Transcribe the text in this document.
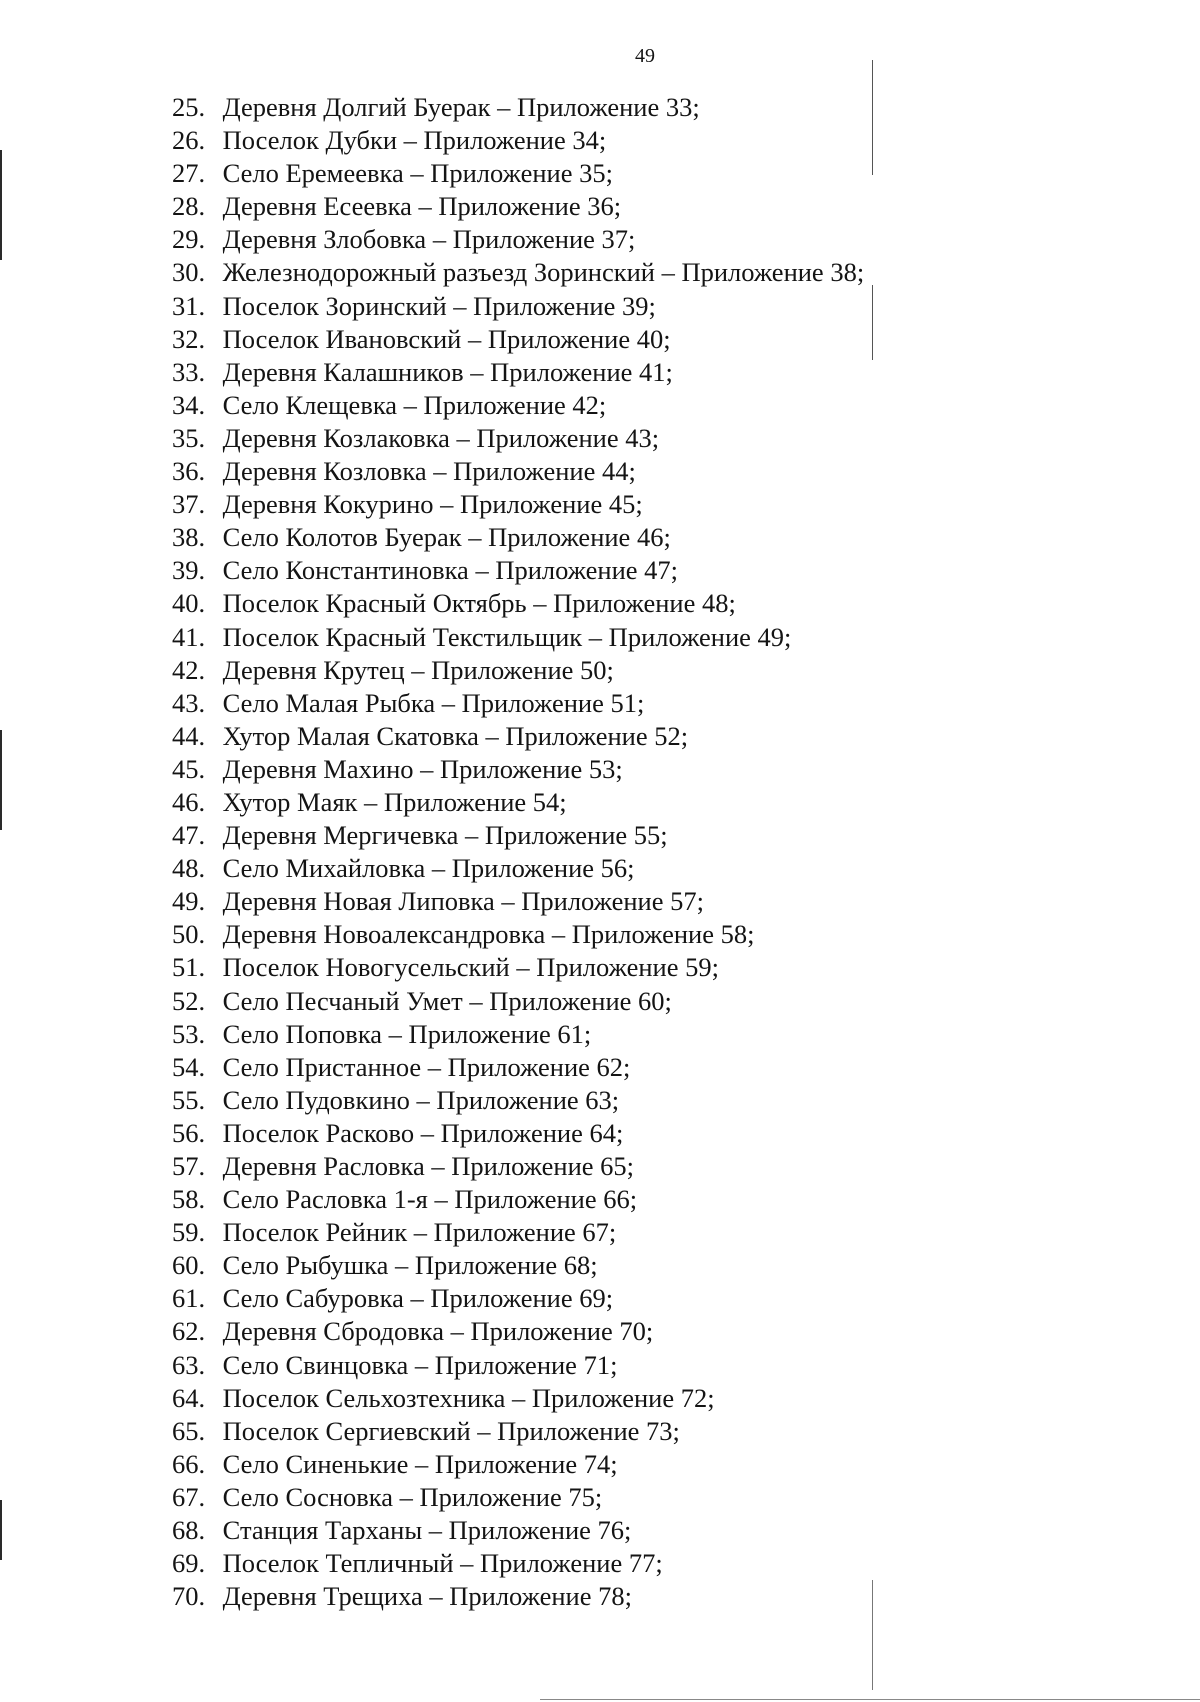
49
25. Деревня Долгий Буерак – Приложение 33;
26. Поселок Дубки – Приложение 34;
27. Село Еремеевка – Приложение 35;
28. Деревня Есеевка – Приложение 36;
29. Деревня Злобовка – Приложение 37;
30. Железнодорожный разъезд Зоринский – Приложение 38;
31. Поселок Зоринский – Приложение 39;
32. Поселок Ивановский – Приложение 40;
33. Деревня Калашников – Приложение 41;
34. Село Клещевка – Приложение 42;
35. Деревня Козлаковка – Приложение 43;
36. Деревня Козловка – Приложение 44;
37. Деревня Кокурино – Приложение 45;
38. Село Колотов Буерак – Приложение 46;
39. Село Константиновка – Приложение 47;
40. Поселок Красный Октябрь – Приложение 48;
41. Поселок Красный Текстильщик – Приложение 49;
42. Деревня Крутец – Приложение 50;
43. Село Малая Рыбка – Приложение 51;
44. Хутор Малая Скатовка – Приложение 52;
45. Деревня Махино – Приложение 53;
46. Хутор Маяк – Приложение 54;
47. Деревня Мергичевка – Приложение 55;
48. Село Михайловка – Приложение 56;
49. Деревня Новая Липовка – Приложение 57;
50. Деревня Новоалександровка – Приложение 58;
51. Поселок Новогусельский – Приложение 59;
52. Село Песчаный Умет – Приложение 60;
53. Село Поповка – Приложение 61;
54. Село Пристанное – Приложение 62;
55. Село Пудовкино – Приложение 63;
56. Поселок Расково – Приложение 64;
57. Деревня Расловка – Приложение 65;
58. Село Расловка 1-я – Приложение 66;
59. Поселок Рейник – Приложение 67;
60. Село Рыбушка – Приложение 68;
61. Село Сабуровка – Приложение 69;
62. Деревня Сбродовка – Приложение 70;
63. Село Свинцовка – Приложение 71;
64. Поселок Сельхозтехника – Приложение 72;
65. Поселок Сергиевский – Приложение 73;
66. Село Синенькие – Приложение 74;
67. Село Сосновка – Приложение 75;
68. Станция Тарханы – Приложение 76;
69. Поселок Тепличный – Приложение 77;
70. Деревня Трещиха – Приложение 78;
